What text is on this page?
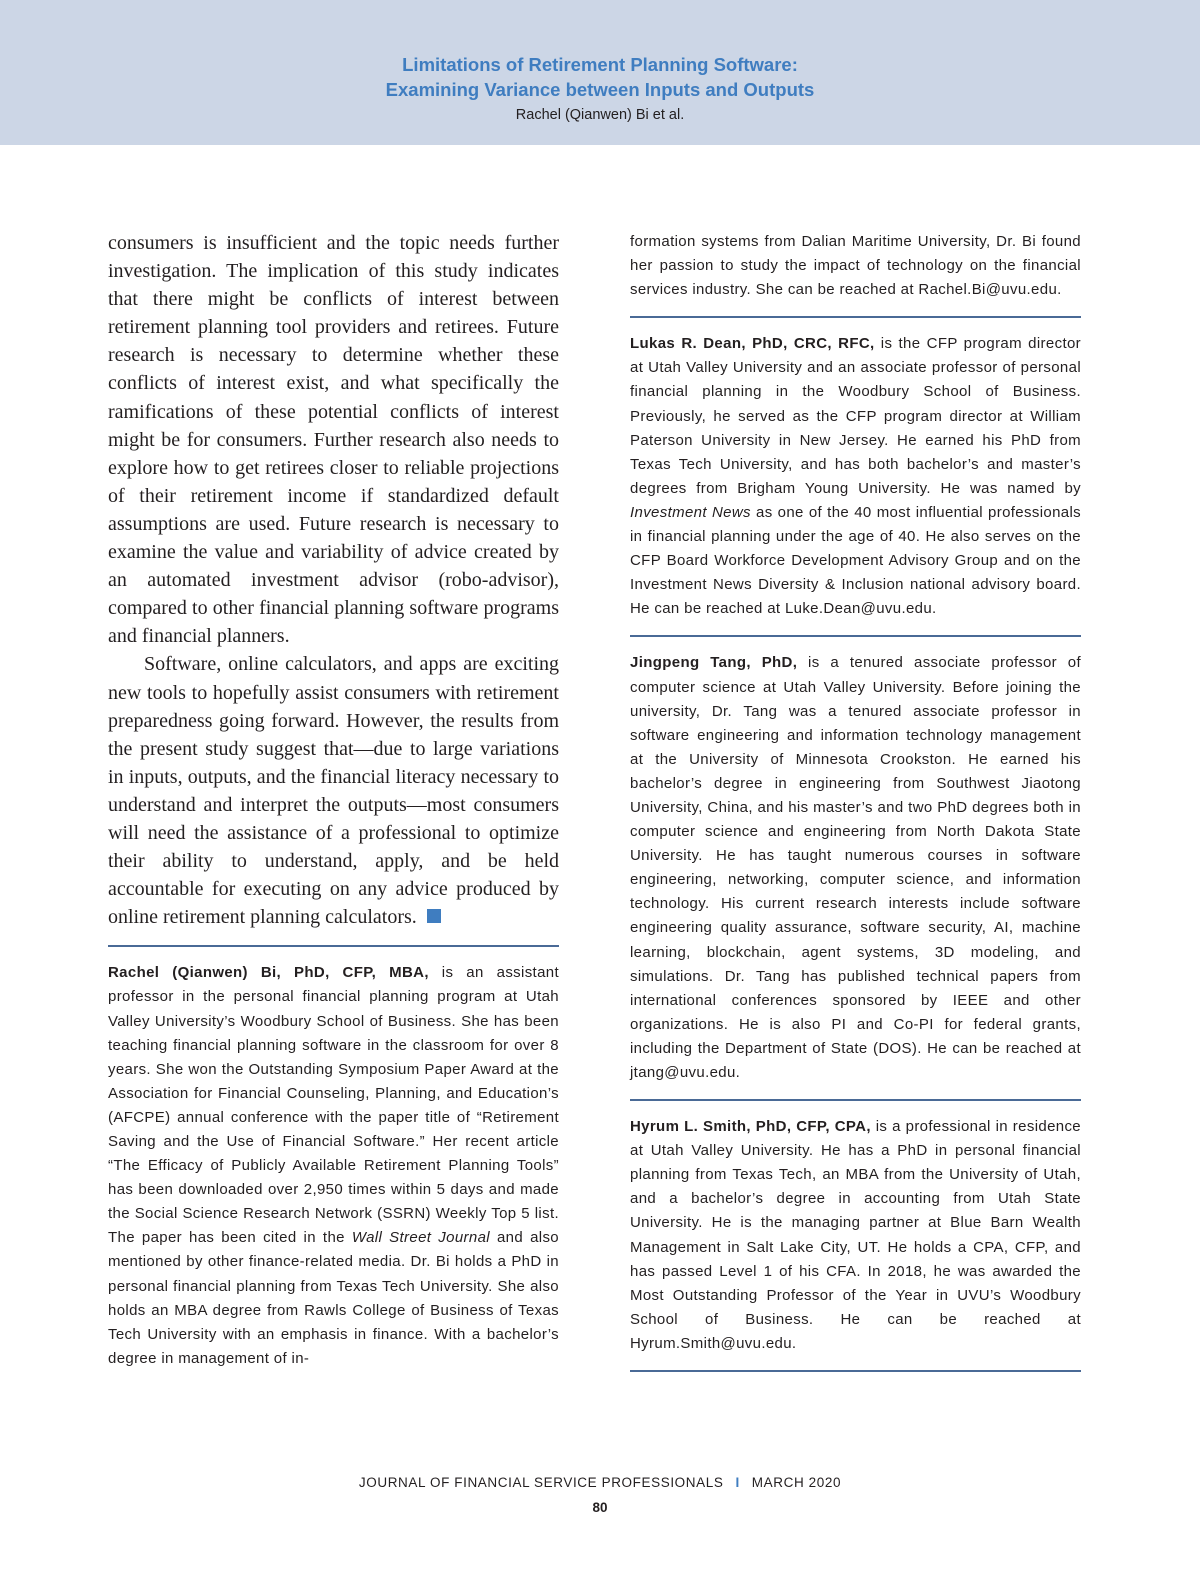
Limitations of Retirement Planning Software:
Examining Variance between Inputs and Outputs
Rachel (Qianwen) Bi et al.

consumers is insufficient and the topic needs further investigation. The implication of this study indicates that there might be conflicts of interest between retirement planning tool providers and retirees. Future research is necessary to determine whether these conflicts of interest exist, and what specifically the ramifications of these potential conflicts of interest might be for consumers. Further research also needs to explore how to get retirees closer to reliable projections of their retirement income if standardized default assumptions are used. Future research is necessary to examine the value and variability of advice created by an automated investment advisor (robo-advisor), compared to other financial planning software programs and financial planners.

Software, online calculators, and apps are exciting new tools to hopefully assist consumers with retirement preparedness going forward. However, the results from the present study suggest that—due to large variations in inputs, outputs, and the financial literacy necessary to understand and interpret the outputs—most consumers will need the assistance of a professional to optimize their ability to understand, apply, and be held accountable for executing on any advice produced by online retirement planning calculators.

Rachel (Qianwen) Bi, PhD, CFP, MBA, is an assistant professor in the personal financial planning program at Utah Valley University’s Woodbury School of Business. She has been teaching financial planning software in the classroom for over 8 years. She won the Outstanding Symposium Paper Award at the Association for Financial Counseling, Planning, and Education’s (AFCPE) annual conference with the paper title of “Retirement Saving and the Use of Financial Software.” Her recent article “The Efficacy of Publicly Available Retirement Planning Tools” has been downloaded over 2,950 times within 5 days and made the Social Science Research Network (SSRN) Weekly Top 5 list. The paper has been cited in the Wall Street Journal and also mentioned by other finance-related media. Dr. Bi holds a PhD in personal financial planning from Texas Tech University. She also holds an MBA degree from Rawls College of Business of Texas Tech University with an emphasis in finance. With a bachelor’s degree in management of in-

formation systems from Dalian Maritime University, Dr. Bi found her passion to study the impact of technology on the financial services industry. She can be reached at Rachel.Bi@uvu.edu.

Lukas R. Dean, PhD, CRC, RFC, is the CFP program director at Utah Valley University and an associate professor of personal financial planning in the Woodbury School of Business. Previously, he served as the CFP program director at William Paterson University in New Jersey. He earned his PhD from Texas Tech University, and has both bachelor’s and master’s degrees from Brigham Young University. He was named by Investment News as one of the 40 most influential professionals in financial planning under the age of 40. He also serves on the CFP Board Workforce Development Advisory Group and on the Investment News Diversity & Inclusion national advisory board. He can be reached at Luke.Dean@uvu.edu.

Jingpeng Tang, PhD, is a tenured associate professor of computer science at Utah Valley University. Before joining the university, Dr. Tang was a tenured associate professor in software engineering and information technology management at the University of Minnesota Crookston. He earned his bachelor’s degree in engineering from Southwest Jiaotong University, China, and his master’s and two PhD degrees both in computer science and engineering from North Dakota State University. He has taught numerous courses in software engineering, networking, computer science, and information technology. His current research interests include software engineering quality assurance, software security, AI, machine learning, blockchain, agent systems, 3D modeling, and simulations. Dr. Tang has published technical papers from international conferences sponsored by IEEE and other organizations. He is also PI and Co-PI for federal grants, including the Department of State (DOS). He can be reached at jtang@uvu.edu.

Hyrum L. Smith, PhD, CFP, CPA, is a professional in residence at Utah Valley University. He has a PhD in personal financial planning from Texas Tech, an MBA from the University of Utah, and a bachelor’s degree in accounting from Utah State University. He is the managing partner at Blue Barn Wealth Management in Salt Lake City, UT. He holds a CPA, CFP, and has passed Level 1 of his CFA. In 2018, he was awarded the Most Outstanding Professor of the Year in UVU’s Woodbury School of Business. He can be reached at Hyrum.Smith@uvu.edu.

JOURNAL OF FINANCIAL SERVICE PROFESSIONALS I MARCH 2020
80
